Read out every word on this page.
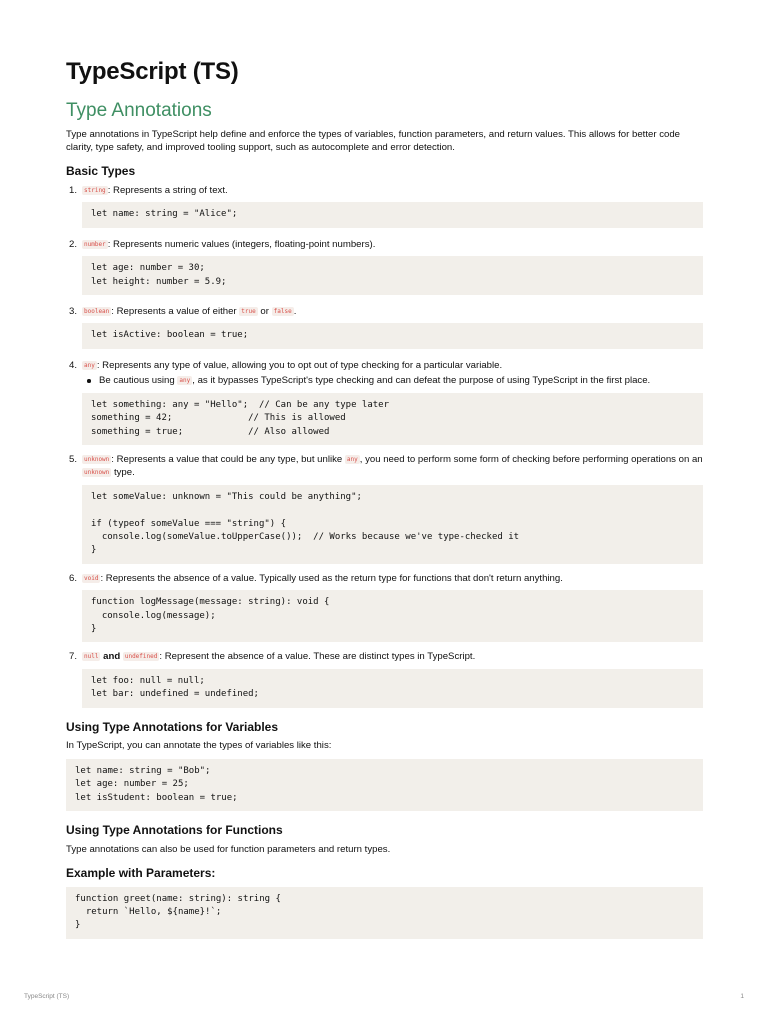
TypeScript (TS)
Type Annotations

Type annotations in TypeScript help define and enforce the types of variables, function parameters, and return values. This allows for better code clarity, type safety, and improved tooling support, such as autocomplete and error detection.

Basic Types
1. string : Represents a string of text.
let name: string = "Alice";
2. number : Represents numeric values (integers, floating-point numbers).
let age: number = 30;
let height: number = 5.9;
3. boolean : Represents a value of either true or false .
let isActive: boolean = true;
4. any : Represents any type of value, allowing you to opt out of type checking for a particular variable.
Be cautious using any , as it bypasses TypeScript's type checking and can defeat the purpose of using TypeScript in the first place.
let something: any = "Hello";  // Can be any type later
something = 42;              // This is allowed
something = true;            // Also allowed
5. unknown : Represents a value that could be any type, but unlike any , you need to perform some form of checking before performing operations on an unknown type.
let someValue: unknown = "This could be anything";

if (typeof someValue === "string") {
console.log(someValue.toUpperCase());  // Works because we've type-checked it
}
6. void : Represents the absence of a value. Typically used as the return type for functions that don't return anything.
function logMessage(message: string): void {
console.log(message);
}
7. null and undefined : Represent the absence of a value. These are distinct types in TypeScript.
let foo: null = null;
let bar: undefined = undefined;
Using Type Annotations for Variables

In TypeScript, you can annotate the types of variables like this:

let name: string = "Bob";
let age: number = 25;
let isStudent: boolean = true;
Using Type Annotations for Functions

Type annotations can also be used for function parameters and return types.

Example with Parameters:
function greet(name: string): string {
return `Hello, ${name}!`;
}
TypeScript (TS)	1
